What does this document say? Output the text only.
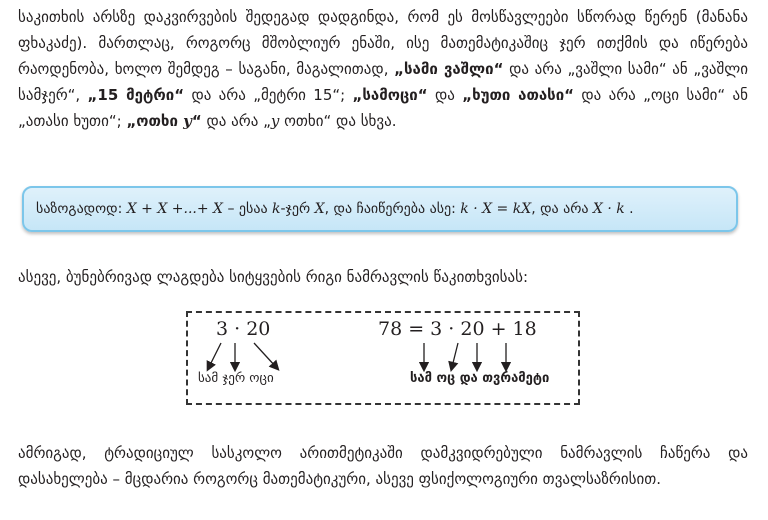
საკითხის არსზე დაკვირვების შედეგად დადგინდა, რომ ეს მოსწავლეები სწორად წერენ (მანანა ფხაკაძე). მართლაც, როგორც მშობლიურ ენაში, ისე მათემატიკაშიც ჯერ ითქმის და იწერება რაოდენობა, ხოლო შემდეგ – საგანი, მაგალითად, „სამი ვაშლი“ და არა „ვაშლი სამი“ ან „ვაშლი სამჯერ“, „15 მეტრი“ და არა „მეტრი 15“; „სამოცი“ და „ხუთი ათასი“ და არა „ოცი სამი“ ან „ათასი ხუთი“; „ოთხი y“ და არა „y ოთხი“ და სხვა.

საზოგადოდ: X + X +...+ X – ესაა k-ჯერ X, და ჩაიწერება ასე: k · X = kX, და არა X · k .

ასევე, ბუნებრივად ლაგდება სიტყვების რიგი ნამრავლის წაკითხვისას:

3 · 20	78 = 3 · 20 + 18
სამ ჯერ ოცი	სამ ოც და თვრამეტი

ამრიგად, ტრადიციულ სასკოლო არითმეტიკაში დამკვიდრებული ნამრავლის ჩაწერა და დასახელება – მცდარია როგორც მათემატიკური, ასევე ფსიქოლოგიური თვალსაზრისით.
